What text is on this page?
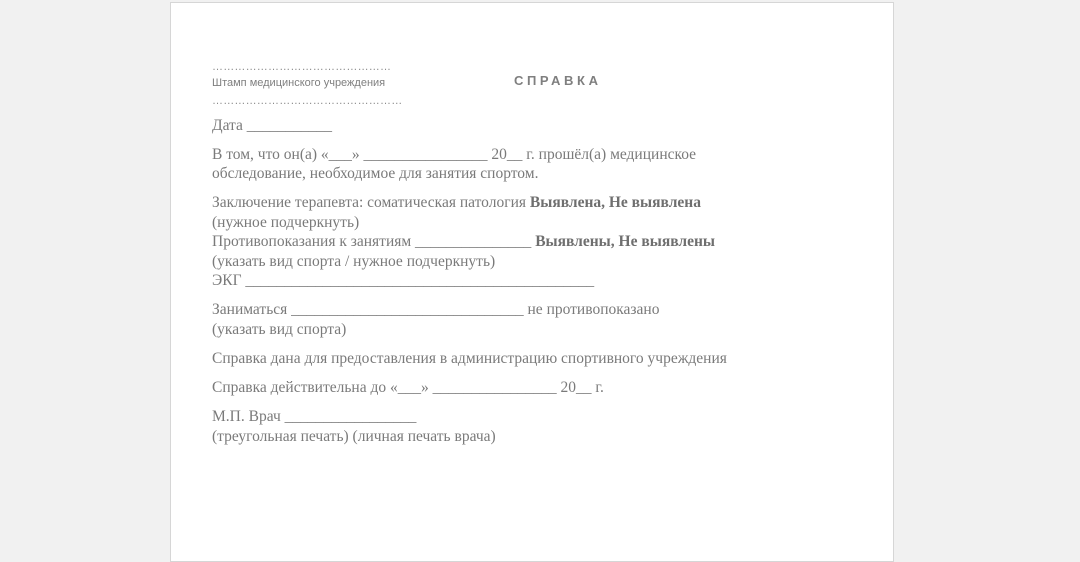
…………………………………………
Штамп медицинского учреждения
……………………………………………
СПРАВКА
Дата ___________
В том, что он(а) «___» ________________ 20__ г. прошёл(а) медицинское
обследование, необходимое для занятия спортом.
Заключение терапевта: соматическая патология Выявлена, Не выявлена
(нужное подчеркнуть)
Противопоказания к занятиям _______________ Выявлены, Не выявлены
(указать вид спорта / нужное подчеркнуть)
ЭКГ _____________________________________________
Заниматься ______________________________ не противопоказано
(указать вид спорта)
Справка дана для предоставления в администрацию спортивного учреждения
Справка действительна до «___» ________________ 20__ г.
М.П. Врач _________________
(треугольная печать) (личная печать врача)
